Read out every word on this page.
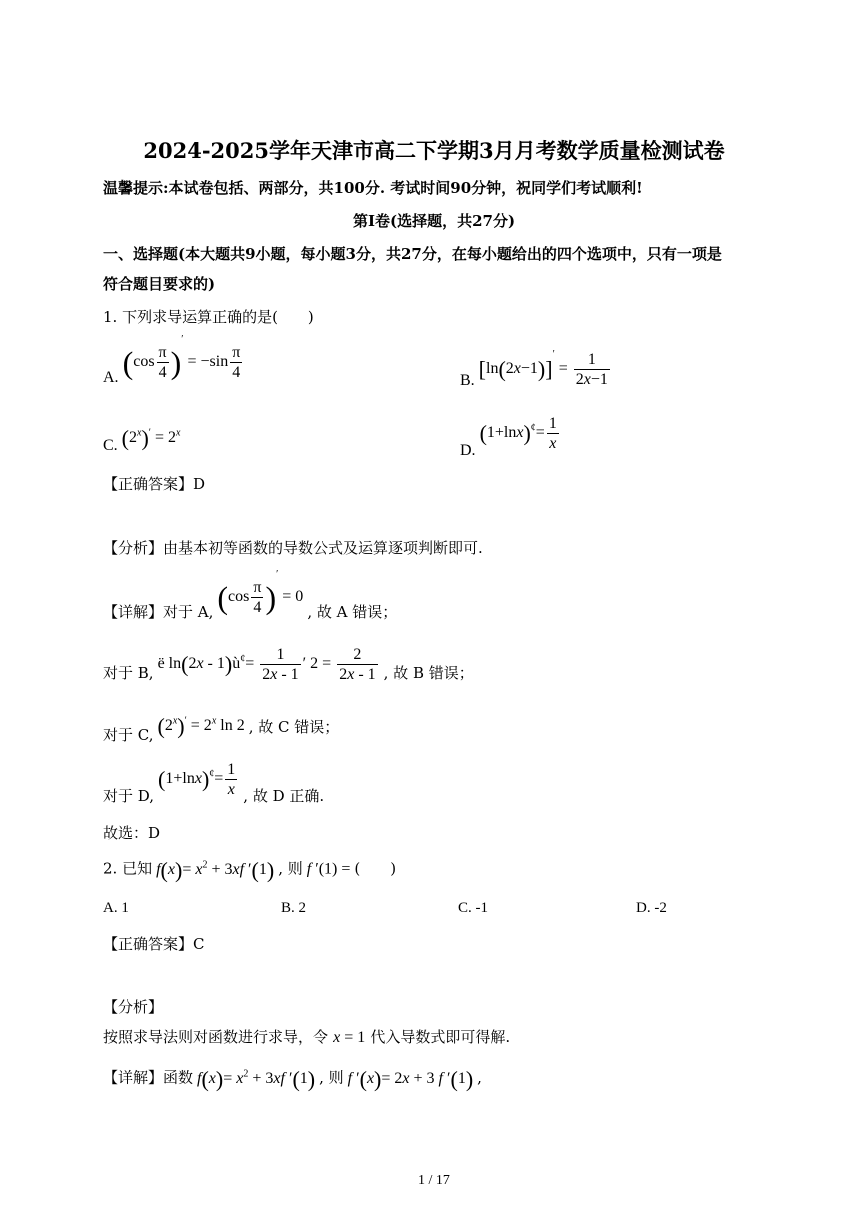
2024-2025学年天津市高二下学期3月月考数学质量检测试卷
温馨提示:本试卷包括、两部分，共100分. 考试时间90分钟，祝同学们考试顺利!
第I卷(选择题，共27分)
一、选择题(本大题共9小题，每小题3分，共27分，在每小题给出的四个选项中，只有一项是
符合题目要求的)
1. 下列求导运算正确的是(　　)
A. $(\cos \frac{\pi}{4} )' = -\sin \frac{\pi}{4}$	B. $[\ln(2x-1)]' = \frac{1}{2x-1}$
C. $(2^x)' = 2^x$
D. $(1+\ln x)^¢= \frac{1}{x}$
【正确答案】D
【分析】由基本初等函数的导数公式及运算逐项判断即可.
【详解】对于 A, $(\cos \frac{\pi}{4} )' = 0$ , 故 A 错误；
对于 B, ë ln(2x - 1)ù¢= $\frac{1}{2x - 1}$ ′ $2 = \frac{2}{2x - 1}$ , 故 B 错误；
对于 C, $(2^x)' = 2^x$ ln 2 , 故 C 错误；
对于 D, $(1+\ln x)^¢= \frac{1}{x}$ , 故 D 正确.
故选：D
2. 已知 $f(x)= x^2 + 3xf$ ′(1) , 则 f ′(1) = (　　)
A. 1	B. 2	C. -1	D. -2
【正确答案】C
【分析】
按照求导法则对函数进行求导，令 x = 1 代入导数式即可得解.
【详解】函数 $f(x)= x^2 + 3xf$ ′(1) , 则 f ′(x)= 2x + 3 f ′(1) ,
1 / 17
